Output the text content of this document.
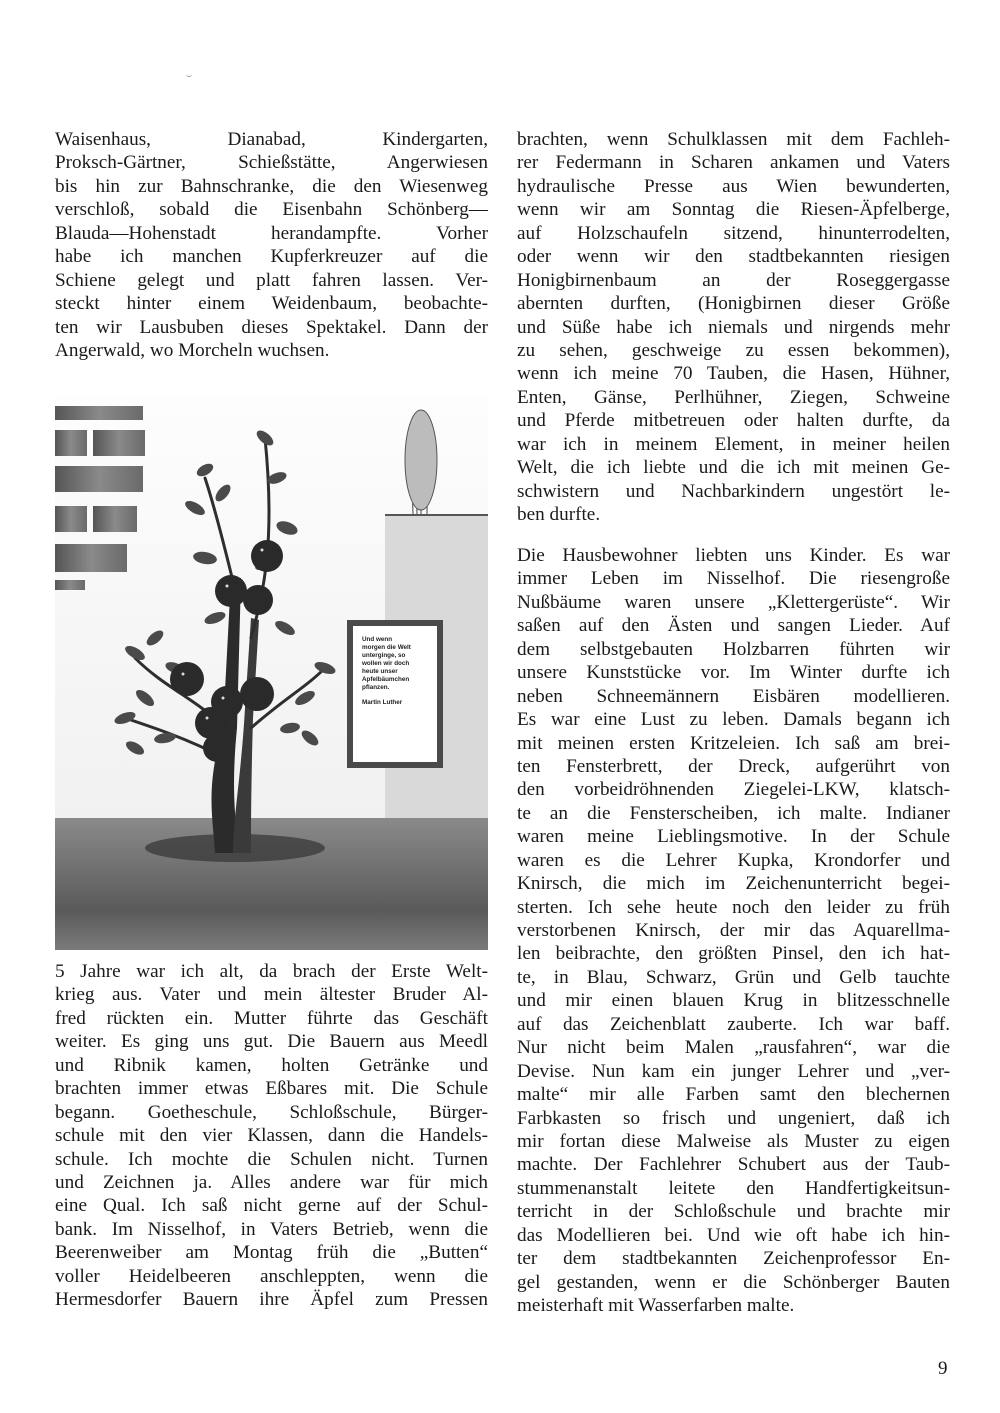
Waisenhaus, Dianabad, Kindergarten,
Proksch-Gärtner, Schießstätte, Angerwiesen
bis hin zur Bahnschranke, die den Wiesenweg
verschloß, sobald die Eisenbahn Schönberg—
Blauda—Hohenstadt herandampfte. Vorher
habe ich manchen Kupferkreuzer auf die
Schiene gelegt und platt fahren lassen. Ver-
steckt hinter einem Weidenbaum, beobachte-
ten wir Lausbuben dieses Spektakel. Dann der
Angerwald, wo Morcheln wuchsen.
Und wenn
morgen die Welt
unterginge, so
wollen wir doch
heute unser
Apfelbäumchen
pflanzen.
Martin Luther
5 Jahre war ich alt, da brach der Erste Welt-
krieg aus. Vater und mein ältester Bruder Al-
fred rückten ein. Mutter führte das Geschäft
weiter. Es ging uns gut. Die Bauern aus Meedl
und Ribnik kamen, holten Getränke und
brachten immer etwas Eßbares mit. Die Schule
begann. Goetheschule, Schloßschule, Bürger-
schule mit den vier Klassen, dann die Handels-
schule. Ich mochte die Schulen nicht. Turnen
und Zeichnen ja. Alles andere war für mich
eine Qual. Ich saß nicht gerne auf der Schul-
bank. Im Nisselhof, in Vaters Betrieb, wenn die
Beerenweiber am Montag früh die „Butten“
voller Heidelbeeren anschleppten, wenn die
Hermesdorfer Bauern ihre Äpfel zum Pressen
brachten, wenn Schulklassen mit dem Fachleh-
rer Federmann in Scharen ankamen und Vaters
hydraulische Presse aus Wien bewunderten,
wenn wir am Sonntag die Riesen-Äpfelberge,
auf Holzschaufeln sitzend, hinunterrodelten,
oder wenn wir den stadtbekannten riesigen
Honigbirnenbaum an der Roseggergasse
abernten durften, (Honigbirnen dieser Größe
und Süße habe ich niemals und nirgends mehr
zu sehen, geschweige zu essen bekommen),
wenn ich meine 70 Tauben, die Hasen, Hühner,
Enten, Gänse, Perlhühner, Ziegen, Schweine
und Pferde mitbetreuen oder halten durfte, da
war ich in meinem Element, in meiner heilen
Welt, die ich liebte und die ich mit meinen Ge-
schwistern und Nachbarkindern ungestört le-
ben durfte.
Die Hausbewohner liebten uns Kinder. Es war
immer Leben im Nisselhof. Die riesengroße
Nußbäume waren unsere „Klettergerüste“. Wir
saßen auf den Ästen und sangen Lieder. Auf
dem selbstgebauten Holzbarren führten wir
unsere Kunststücke vor. Im Winter durfte ich
neben Schneemännern Eisbären modellieren.
Es war eine Lust zu leben. Damals begann ich
mit meinen ersten Kritzeleien. Ich saß am brei-
ten Fensterbrett, der Dreck, aufgerührt von
den vorbeidröhnenden Ziegelei-LKW, klatsch-
te an die Fensterscheiben, ich malte. Indianer
waren meine Lieblingsmotive. In der Schule
waren es die Lehrer Kupka, Krondorfer und
Knirsch, die mich im Zeichenunterricht begei-
sterten. Ich sehe heute noch den leider zu früh
verstorbenen Knirsch, der mir das Aquarellma-
len beibrachte, den größten Pinsel, den ich hat-
te, in Blau, Schwarz, Grün und Gelb tauchte
und mir einen blauen Krug in blitzesschnelle
auf das Zeichenblatt zauberte. Ich war baff.
Nur nicht beim Malen „rausfahren“, war die
Devise. Nun kam ein junger Lehrer und „ver-
malte“ mir alle Farben samt den blechernen
Farbkasten so frisch und ungeniert, daß ich
mir fortan diese Malweise als Muster zu eigen
machte. Der Fachlehrer Schubert aus der Taub-
stummenanstalt leitete den Handfertigkeitsun-
terricht in der Schloßschule und brachte mir
das Modellieren bei. Und wie oft habe ich hin-
ter dem stadtbekannten Zeichenprofessor En-
gel gestanden, wenn er die Schönberger Bauten
meisterhaft mit Wasserfarben malte.
9
